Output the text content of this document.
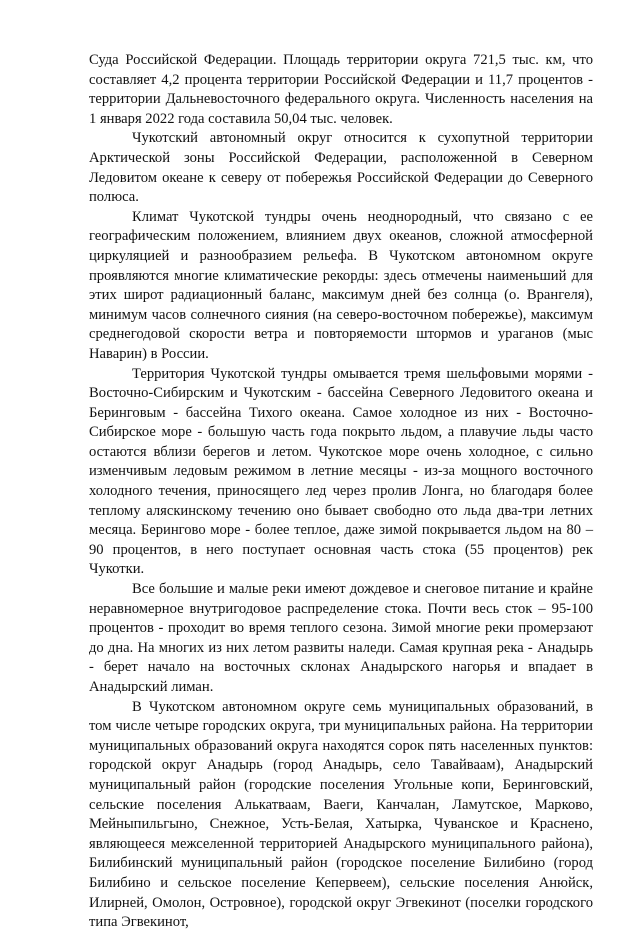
Суда Российской Федерации. Площадь территории округа 721,5 тыс. км, что составляет 4,2 процента территории Российской Федерации и 11,7 процентов - территории Дальневосточного федерального округа. Численность населения на 1 января 2022 года составила 50,04 тыс. человек.

Чукотский автономный округ относится к сухопутной территории Арктической зоны Российской Федерации, расположенной в Северном Ледовитом океане к северу от побережья Российской Федерации до Северного полюса.

Климат Чукотской тундры очень неоднородный, что связано с ее географическим положением, влиянием двух океанов, сложной атмосферной циркуляцией и разнообразием рельефа. В Чукотском автономном округе проявляются многие климатические рекорды: здесь отмечены наименьший для этих широт радиационный баланс, максимум дней без солнца (о. Врангеля), минимум часов солнечного сияния (на северо-восточном побережье), максимум среднегодовой скорости ветра и повторяемости штормов и ураганов (мыс Наварин) в России.

Территория Чукотской тундры омывается тремя шельфовыми морями - Восточно-Сибирским и Чукотским - бассейна Северного Ледовитого океана и Беринговым - бассейна Тихого океана. Самое холодное из них - Восточно-Сибирское море - большую часть года покрыто льдом, а плавучие льды часто остаются вблизи берегов и летом. Чукотское море очень холодное, с сильно изменчивым ледовым режимом в летние месяцы - из-за мощного восточного холодного течения, приносящего лед через пролив Лонга, но благодаря более теплому аляскинскому течению оно бывает свободно ото льда два-три летних месяца. Берингово море - более теплое, даже зимой покрывается льдом на 80 – 90 процентов, в него поступает основная часть стока (55 процентов) рек Чукотки.

Все большие и малые реки имеют дождевое и снеговое питание и крайне неравномерное внутригодовое распределение стока. Почти весь сток – 95-100 процентов - проходит во время теплого сезона. Зимой многие реки промерзают до дна. На многих из них летом развиты наледи. Самая крупная река - Анадырь - берет начало на восточных склонах Анадырского нагорья и впадает в Анадырский лиман.

В Чукотском автономном округе семь муниципальных образований, в том числе четыре городских округа, три муниципальных района. На территории муниципальных образований округа находятся сорок пять населенных пунктов: городской округ Анадырь (город Анадырь, село Тавайваам), Анадырский муниципальный район (городские поселения Угольные копи, Беринговский, сельские поселения Алькатваам, Ваеги, Канчалан, Ламутское, Марково, Мейныпильгыно, Снежное, Усть-Белая, Хатырка, Чуванское и Краснено, являющееся межселенной территорией Анадырского муниципального района), Билибинский муниципальный район (городское поселение Билибино (город Билибино и сельское поселение Кепервеем), сельские поселения Анюйск, Илирней, Омолон, Островное), городской округ Эгвекинот (поселки городского типа Эгвекинот,
